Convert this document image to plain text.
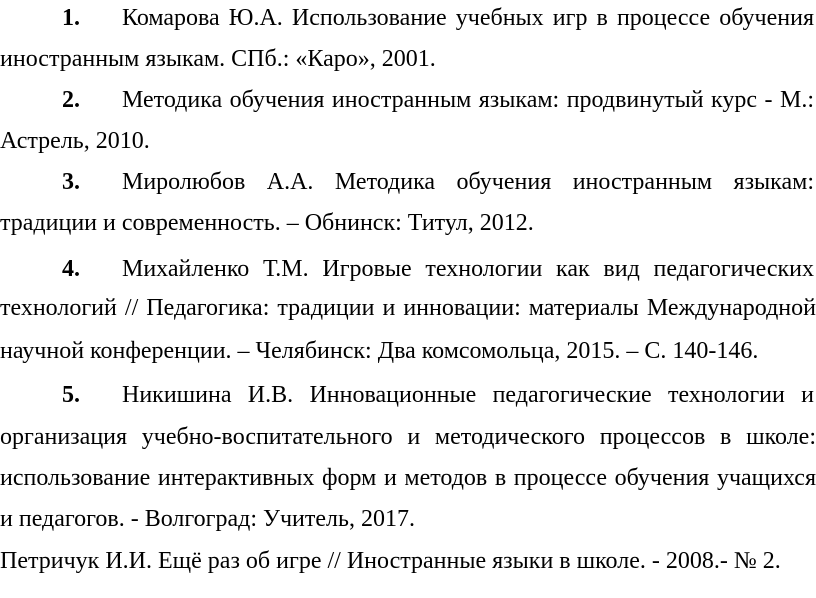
1. Комарова Ю.А. Использование учебных игр в процессе обучения
иностранным языкам. СПб.: «Каро», 2001.
2. Методика обучения иностранным языкам: продвинутый курс - М.:
Астрель, 2010.
3. Миролюбов А.А. Методика обучения иностранным языкам:
традиции и современность. – Обнинск: Титул, 2012.
4. Михайленко Т.М. Игровые технологии как вид педагогических
технологий // Педагогика: традиции и инновации: материалы Международной
научной конференции. – Челябинск: Два комсомольца, 2015. – С. 140-146.
5. Никишина И.В. Инновационные педагогические технологии и
организация учебно-воспитательного и методического процессов в школе:
использование интерактивных форм и методов в процессе обучения учащихся
и педагогов. - Волгоград: Учитель, 2017.
Петричук И.И. Ещё раз об игре // Иностранные языки в школе. - 2008.- № 2.
